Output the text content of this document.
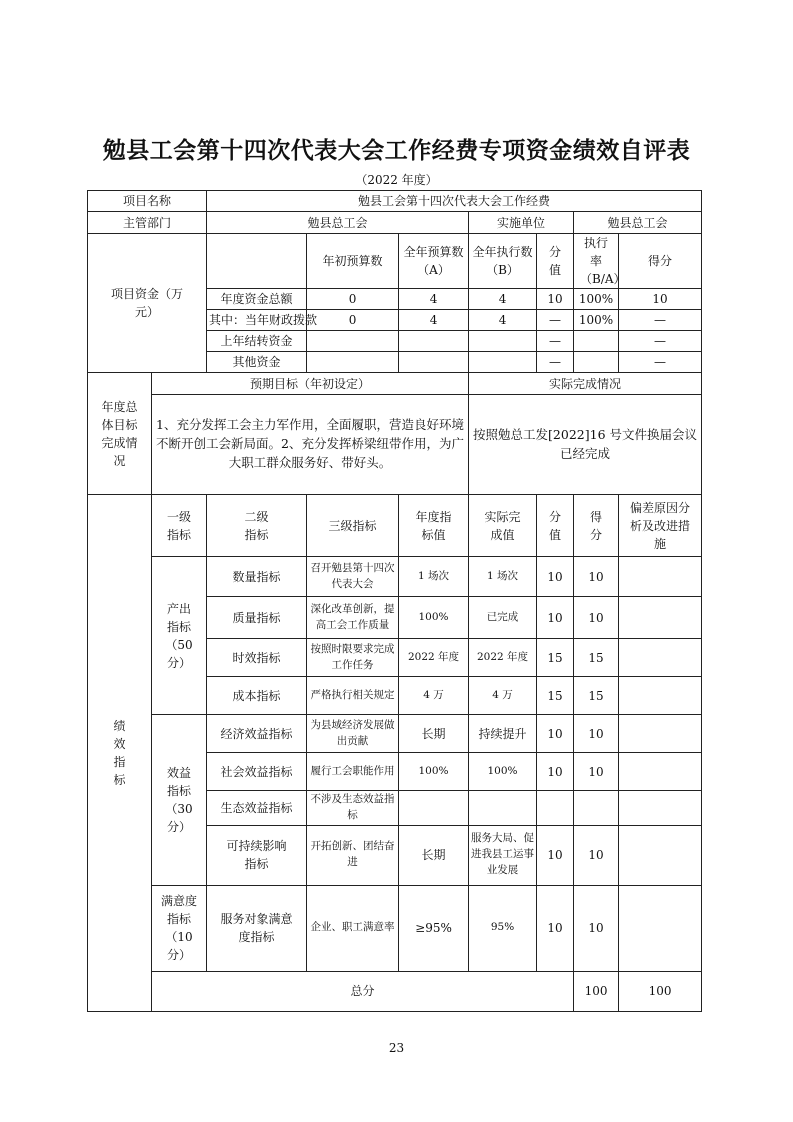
勉县工会第十四次代表大会工作经费专项资金绩效自评表
（2022 年度）
项目名称		勉县工会第十四次代表大会工作经费							
主管部门		勉县总工会			实施单位		勉县总工会		
项目资金（万元）			年初预算数	全年预算数（A）	全年执行数（B）	分值	执行率（B/A）	得分	
		年度资金总额	0	4	4	10	100%	10	
		其中：当年财政拨款	0	4	4	—	100%	—	
		上年结转资金				—		—	
		其他资金				—		—	
年度总体目标完成情况	预期目标（年初设定）				实际完成情况				
	1、充分发挥工会主力军作用，全面履职，营造良好环境不断开创工会新局面。2、充分发挥桥梁纽带作用，为广大职工群众服务好、带好头。				按照勉总工发[2022]16 号文件换届会议已经完成				
绩效指标	一级指标	二级指标	三级指标	年度指标值	实际完成值	分值	得分	偏差原因分析及改进措施	
	产出指标（50分）	数量指标	召开勉县第十四次代表大会	1 场次	1 场次	10	10		
		质量指标	深化改革创新，提高工会工作质量	100%	已完成	10	10		
		时效指标	按照时限要求完成工作任务	2022 年度	2022 年度	15	15		
		成本指标	严格执行相关规定	4 万	4 万	15	15		
	效益指标（30分）	经济效益指标	为县域经济发展做出贡献	长期	持续提升	10	10		
		社会效益指标	履行工会职能作用	100%	100%	10	10		
		生态效益指标	不涉及生态效益指标						
		可持续影响指标	开拓创新、团结奋进	长期	服务大局、促进我县工运事业发展	10	10		
	满意度指标（10分）	服务对象满意度指标	企业、职工满意率	≥95%	95%	10	10		
	总分						100	100	
23
